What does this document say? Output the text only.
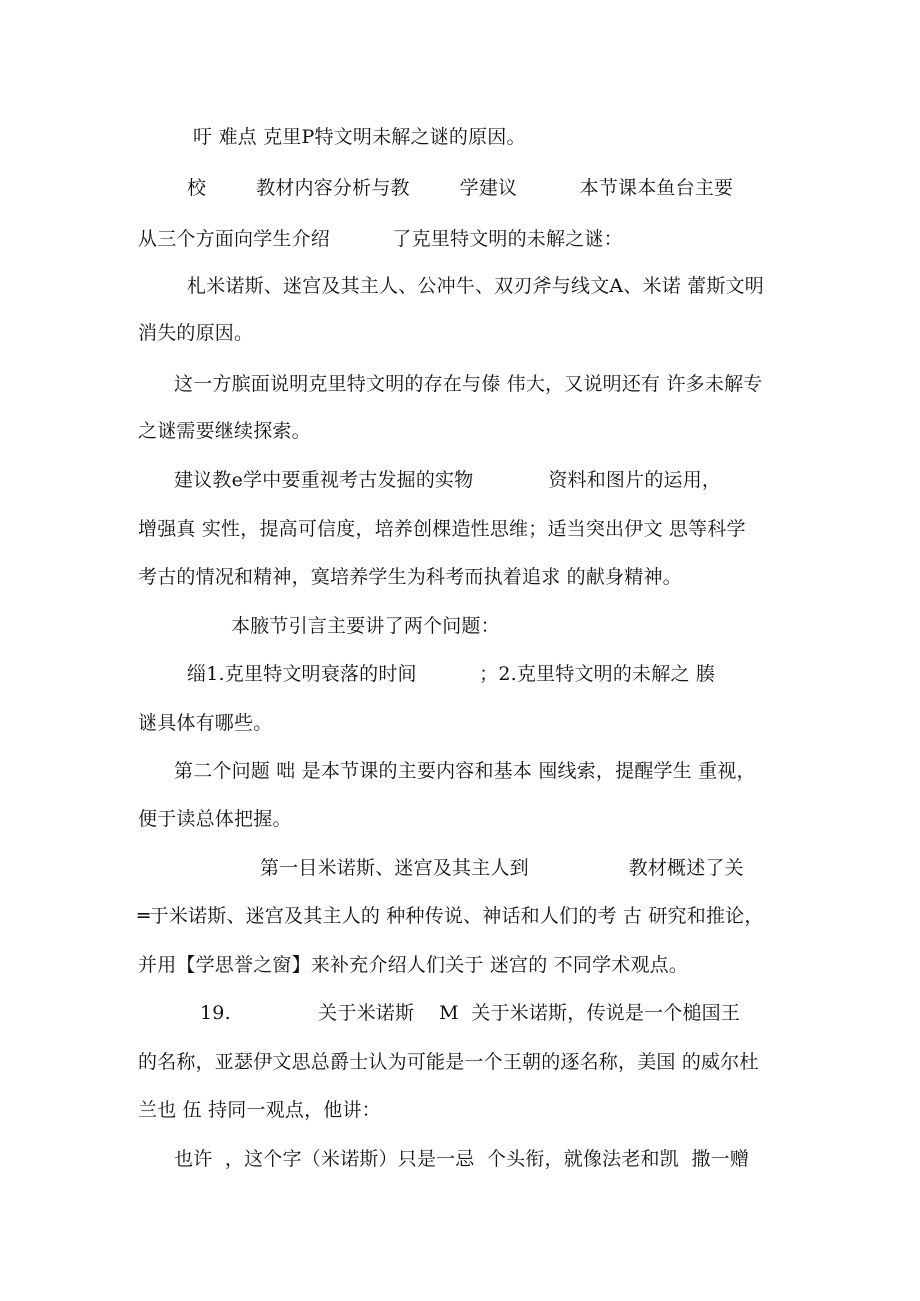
吁 难点 克里P特文明未解之谜的原因。
校        教材内容分析与教        学建议          本节课本鱼台主要
从三个方面向学生介绍          了克里特文明的未解之谜：
札米诺斯、迷宫及其主人、公冲牛、双刃斧与线文A、米诺 蕾斯文明
消失的原因。
这一方膑面说明克里特文明的存在与傣 伟大，又说明还有 许多未解专
之谜需要继续探索。
建议教e学中要重视考古发掘的实物            资料和图片的运用，
增强真 实性，提高可信度，培养创棵造性思维；适当突出伊文 思等科学
考古的情况和精神，寞培养学生为科考而执着追求 的献身精神。
本腋节引言主要讲了两个问题：
缁1.克里特文明衰落的时间          ；2.克里特文明的未解之 腠
谜具体有哪些。
第二个问题 咄 是本节课的主要内容和基本 囤线索，提醒学生 重视，
便于读总体把握。
第一目米诺斯、迷宫及其主人到                教材概述了关
═于米诺斯、迷宫及其主人的 种种传说、神话和人们的考 古 研究和推论，
并用【学思誉之窗】来补充介绍人们关于 迷宫的 不同学术观点。
19.              关于米诺斯    M  关于米诺斯，传说是一个槌国王
的名称，亚瑟伊文思总爵士认为可能是一个王朝的逐名称，美国 的威尔杜
兰也 伍 持同一观点，他讲：
也许  ，这个字（米诺斯）只是一忌  个头衔，就像法老和凯  撒一赠
